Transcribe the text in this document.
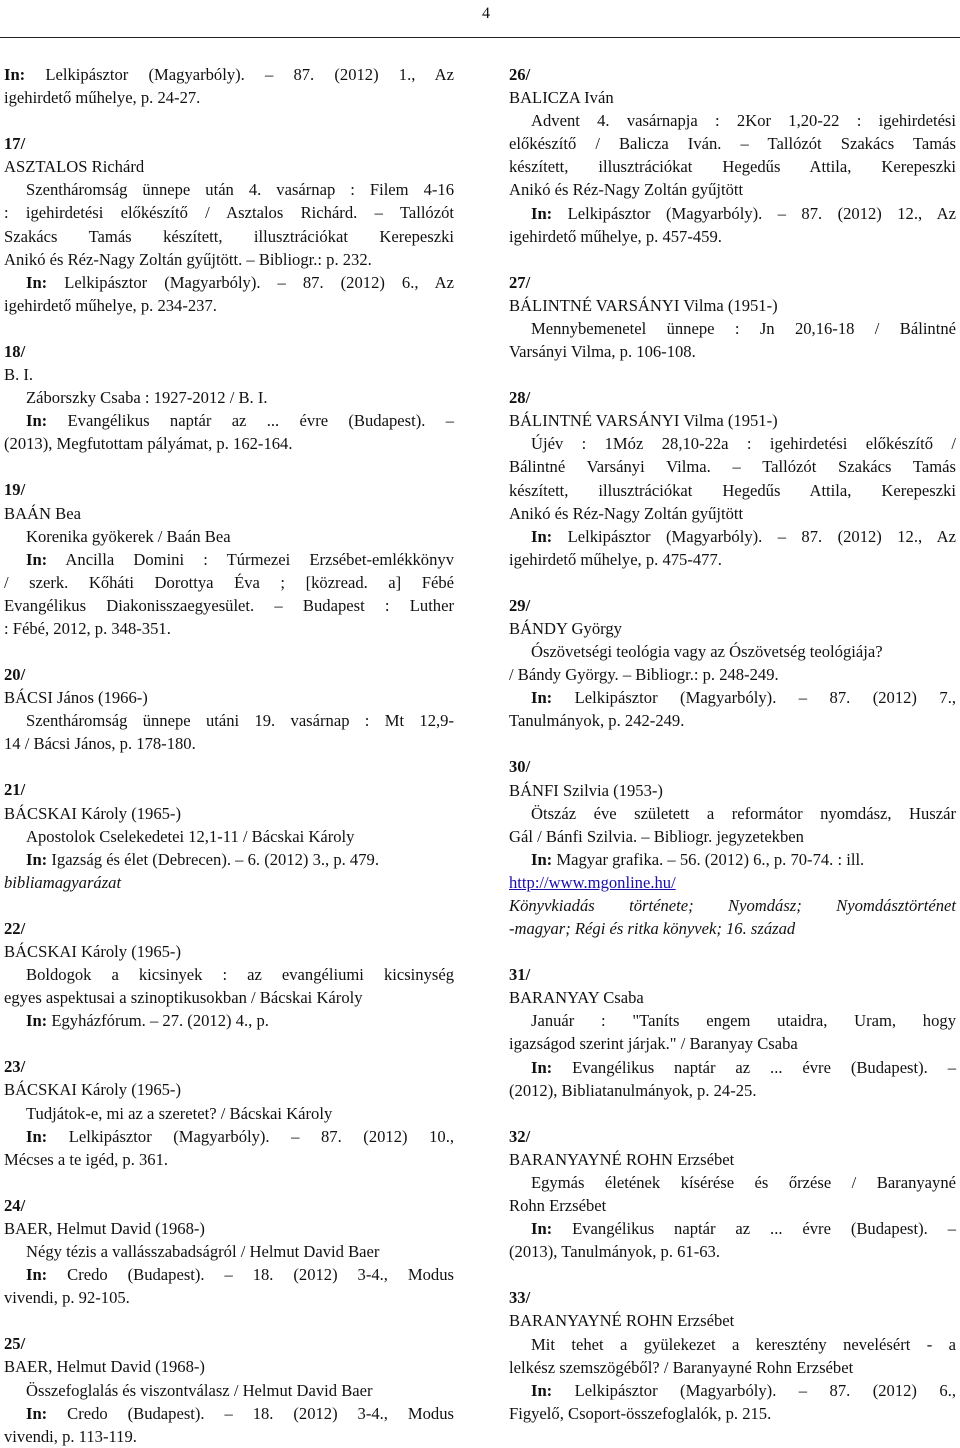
4
In: Lelkipásztor (Magyarbóly). – 87. (2012) 1., Az
igehirdető műhelye, p. 24-27.
17/
ASZTALOS Richárd
Szentháromság ünnepe után 4. vasárnap : Filem 4-16
: igehirdetési előkészítő / Asztalos Richárd. – Tallózót
Szakács Tamás készített, illusztrációkat Kerepeszki
Anikó és Réz-Nagy Zoltán gyűjtött. – Bibliogr.: p. 232.
In: Lelkipásztor (Magyarbóly). – 87. (2012) 6., Az
igehirdető műhelye, p. 234-237.
18/
B. I.
Záborszky Csaba : 1927-2012 / B. I.
In: Evangélikus naptár az ... évre (Budapest). –
(2013), Megfutottam pályámat, p. 162-164.
19/
BAÁN Bea
Korenika gyökerek / Baán Bea
In: Ancilla Domini : Túrmezei Erzsébet-emlékkönyv
/ szerk. Kőháti Dorottya Éva ; [közread. a] Fébé
Evangélikus Diakonisszaegyesület. – Budapest : Luther
: Fébé, 2012, p. 348-351.
20/
BÁCSI János (1966-)
Szentháromság ünnepe utáni 19. vasárnap : Mt 12,9-
14 / Bácsi János, p. 178-180.
21/
BÁCSKAI Károly (1965-)
Apostolok Cselekedetei 12,1-11 / Bácskai Károly
In: Igazság és élet (Debrecen). – 6. (2012) 3., p. 479.
bibliamagyarázat
22/
BÁCSKAI Károly (1965-)
Boldogok a kicsinyek : az evangéliumi kicsinység
egyes aspektusai a szinoptikusokban / Bácskai Károly
In: Egyházfórum. – 27. (2012) 4., p.
23/
BÁCSKAI Károly (1965-)
Tudjátok-e, mi az a szeretet? / Bácskai Károly
In: Lelkipásztor (Magyarbóly). – 87. (2012) 10.,
Mécses a te igéd, p. 361.
24/
BAER, Helmut David (1968-)
Négy tézis a vallásszabadságról / Helmut David Baer
In: Credo (Budapest). – 18. (2012) 3-4., Modus
vivendi, p. 92-105.
25/
BAER, Helmut David (1968-)
Összefoglalás és viszontválasz / Helmut David Baer
In: Credo (Budapest). – 18. (2012) 3-4., Modus
vivendi, p. 113-119.
26/
BALICZA Iván
Advent 4. vasárnapja : 2Kor 1,20-22 : igehirdetési
előkészítő / Balicza Iván. – Tallózót Szakács Tamás
készített, illusztrációkat Hegedűs Attila, Kerepeszki
Anikó és Réz-Nagy Zoltán gyűjtött
In: Lelkipásztor (Magyarbóly). – 87. (2012) 12., Az
igehirdető műhelye, p. 457-459.
27/
BÁLINTNÉ VARSÁNYI Vilma (1951-)
Mennybemenetel ünnepe : Jn 20,16-18 / Bálintné
Varsányi Vilma, p. 106-108.
28/
BÁLINTNÉ VARSÁNYI Vilma (1951-)
Újév : 1Móz 28,10-22a : igehirdetési előkészítő /
Bálintné Varsányi Vilma. – Tallózót Szakács Tamás
készített, illusztrációkat Hegedűs Attila, Kerepeszki
Anikó és Réz-Nagy Zoltán gyűjtött
In: Lelkipásztor (Magyarbóly). – 87. (2012) 12., Az
igehirdető műhelye, p. 475-477.
29/
BÁNDY György
Ószövetségi teológia vagy az Ószövetség teológiája?
/ Bándy György. – Bibliogr.: p. 248-249.
In: Lelkipásztor (Magyarbóly). – 87. (2012) 7.,
Tanulmányok, p. 242-249.
30/
BÁNFI Szilvia (1953-)
Ötszáz éve született a reformátor nyomdász, Huszár
Gál / Bánfi Szilvia. – Bibliogr. jegyzetekben
In: Magyar grafika. – 56. (2012) 6., p. 70-74. : ill.
http://www.mgonline.hu/
Könyvkiadás története; Nyomdász; Nyomdásztörténet
-magyar; Régi és ritka könyvek; 16. század
31/
BARANYAY Csaba
Január : "Taníts engem utaidra, Uram, hogy
igazságod szerint járjak." / Baranyay Csaba
In: Evangélikus naptár az ... évre (Budapest). –
(2012), Bibliatanulmányok, p. 24-25.
32/
BARANYAYNÉ ROHN Erzsébet
Egymás életének kísérése és őrzése / Baranyayné
Rohn Erzsébet
In: Evangélikus naptár az ... évre (Budapest). –
(2013), Tanulmányok, p. 61-63.
33/
BARANYAYNÉ ROHN Erzsébet
Mit tehet a gyülekezet a keresztény nevelésért - a
lelkész szemszögéből? / Baranyayné Rohn Erzsébet
In: Lelkipásztor (Magyarbóly). – 87. (2012) 6.,
Figyelő, Csoport-összefoglalók, p. 215.
